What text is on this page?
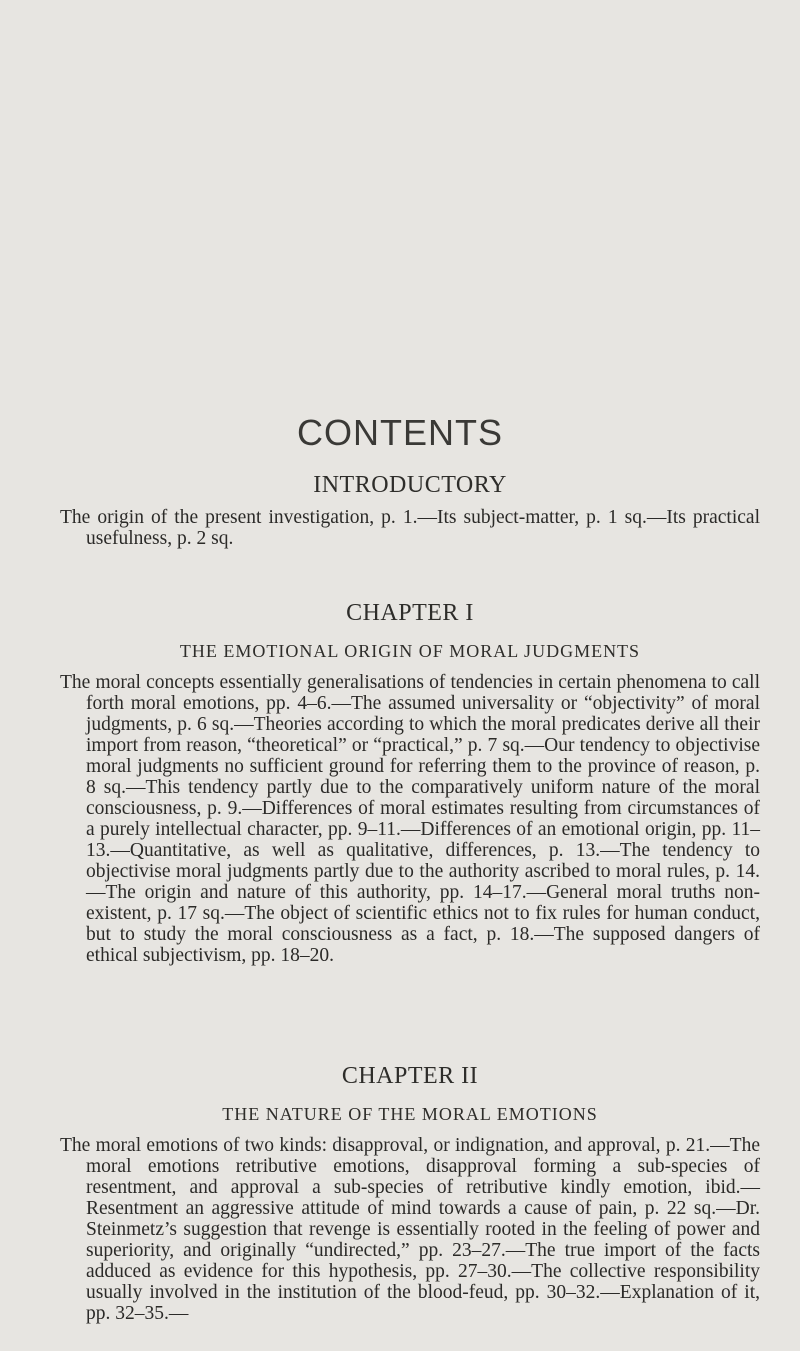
CONTENTS
INTRODUCTORY

The origin of the present investigation, p. 1.—Its subject-matter, p. 1 sq.—Its practical usefulness, p. 2 sq.

CHAPTER I
THE EMOTIONAL ORIGIN OF MORAL JUDGMENTS

The moral concepts essentially generalisations of tendencies in certain phenomena to call forth moral emotions, pp. 4–6.—The assumed universality or “objectivity” of moral judgments, p. 6 sq.—Theories according to which the moral predicates derive all their import from reason, “theoretical” or “practical,” p. 7 sq.—Our tendency to objectivise moral judgments no sufficient ground for referring them to the province of reason, p. 8 sq.—This tendency partly due to the comparatively uniform nature of the moral consciousness, p. 9.—Differences of moral estimates resulting from circumstances of a purely intellectual character, pp. 9–11.—Differences of an emotional origin, pp. 11–13.—Quantitative, as well as qualitative, differences, p. 13.—The tendency to objectivise moral judgments partly due to the authority ascribed to moral rules, p. 14.—The origin and nature of this authority, pp. 14–17.—General moral truths non-existent, p. 17 sq.—The object of scientific ethics not to fix rules for human conduct, but to study the moral consciousness as a fact, p. 18.—The supposed dangers of ethical subjectivism, pp. 18–20.

CHAPTER II
THE NATURE OF THE MORAL EMOTIONS

The moral emotions of two kinds: disapproval, or indignation, and approval, p. 21.—The moral emotions retributive emotions, disapproval forming a sub-species of resentment, and approval a sub-species of retributive kindly emotion, ibid.—Resentment an aggressive attitude of mind towards a cause of pain, p. 22 sq.—Dr. Steinmetz’s suggestion that revenge is essentially rooted in the feeling of power and superiority, and originally “undirected,” pp. 23–27.—The true import of the facts adduced as evidence for this hypothesis, pp. 27–30.—The collective responsibility usually involved in the institution of the blood-feud, pp. 30–32.—Explanation of it, pp. 32–35.—
